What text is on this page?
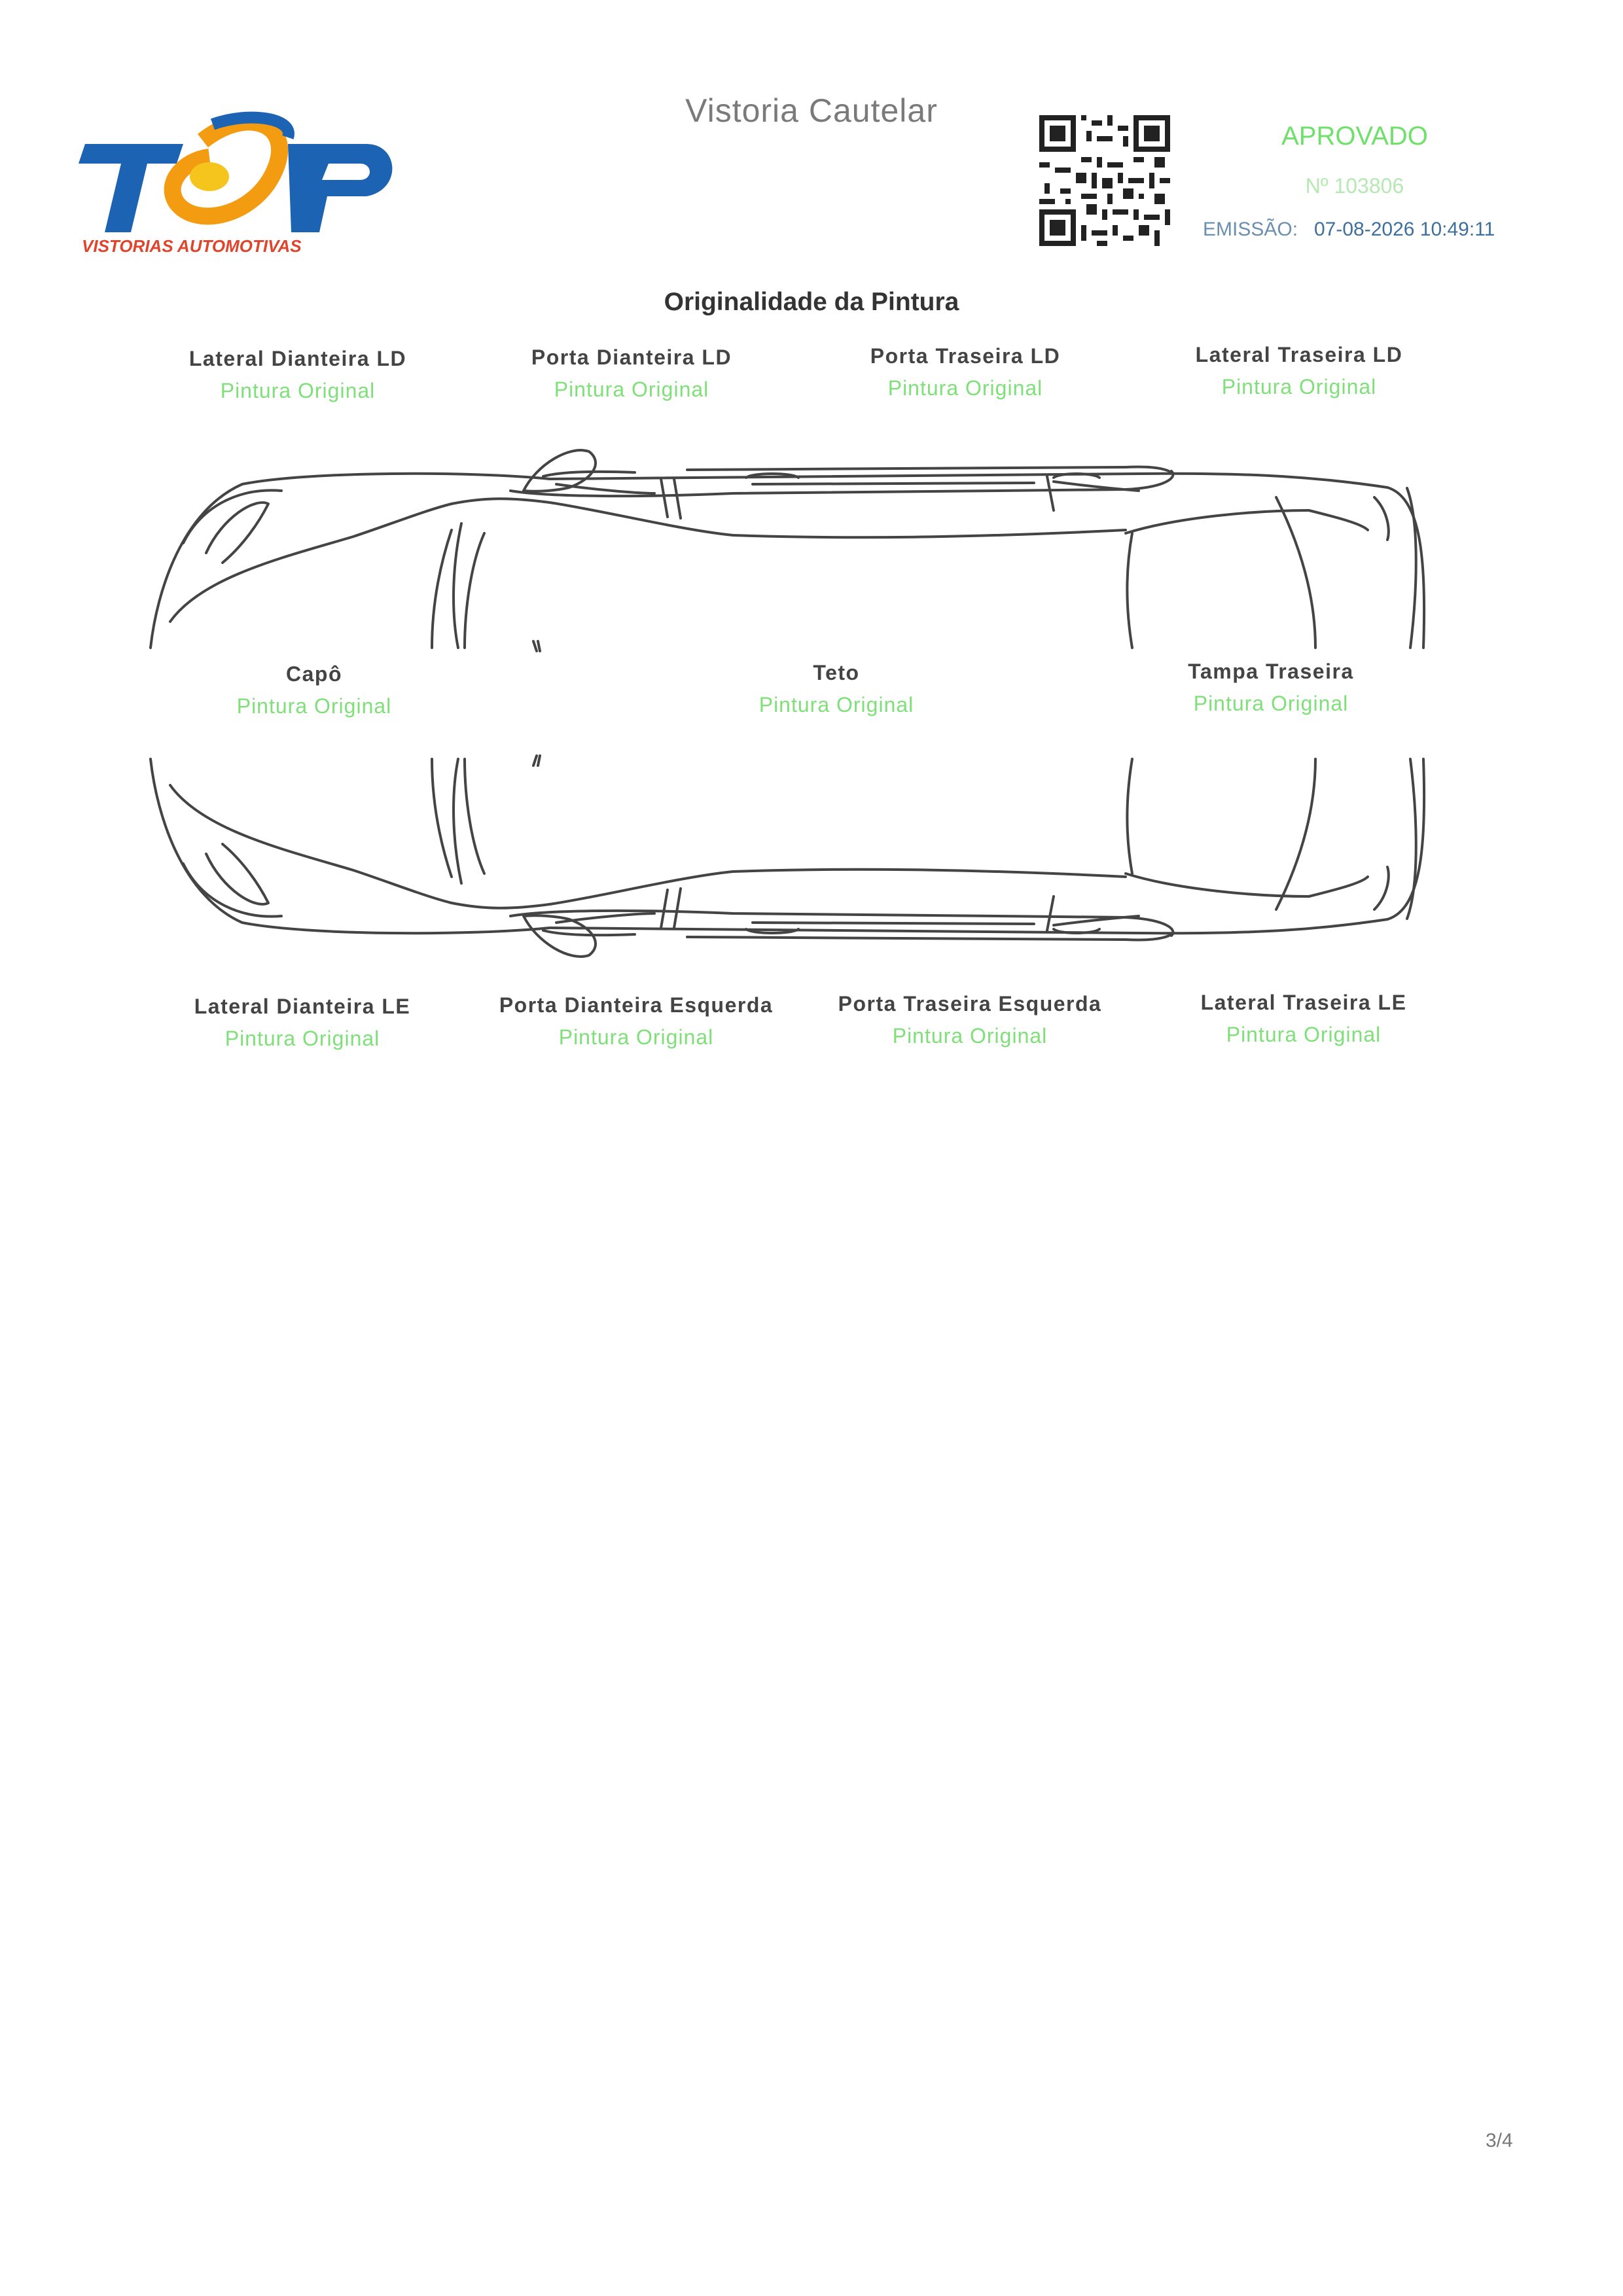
VISTORIAS AUTOMOTIVAS
Vistoria Cautelar
APROVADO
Nº 103806
EMISSÃO: 07-08-2026 10:49:11
Originalidade da Pintura
Lateral Dianteira LD
Pintura Original
Porta Dianteira LD
Pintura Original
Porta Traseira LD
Pintura Original
Lateral Traseira LD
Pintura Original
Capô
Pintura Original
Teto
Pintura Original
Tampa Traseira
Pintura Original
Lateral Dianteira LE
Pintura Original
Porta Dianteira Esquerda
Pintura Original
Porta Traseira Esquerda
Pintura Original
Lateral Traseira LE
Pintura Original
3/4
